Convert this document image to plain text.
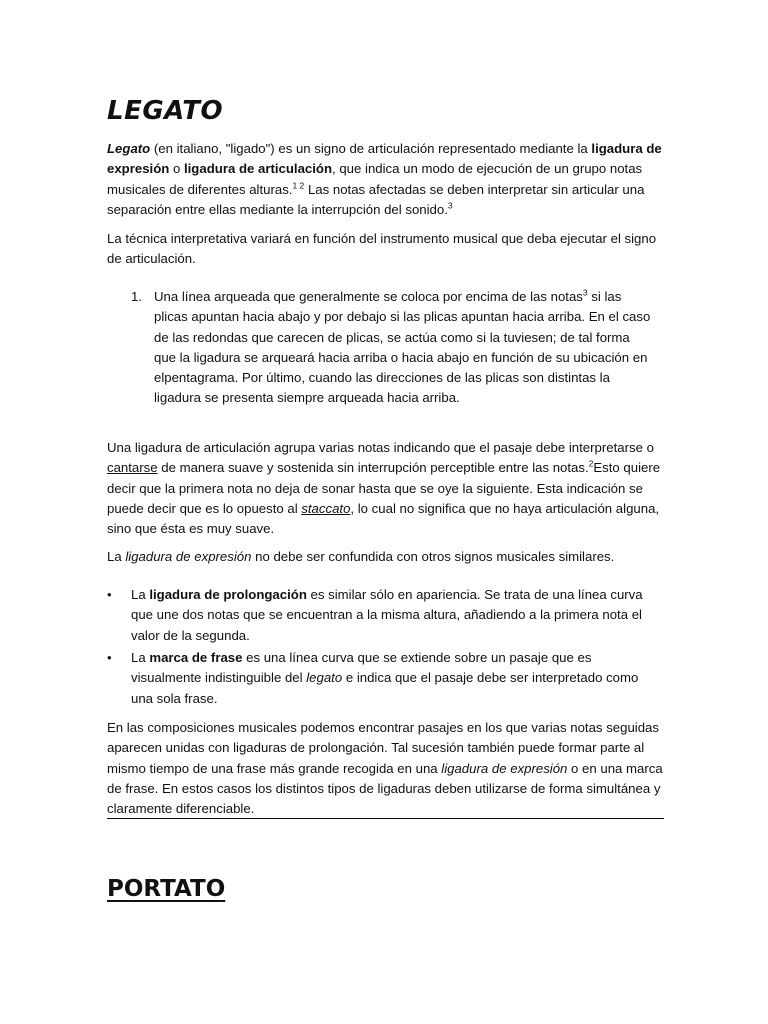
LEGATO

Legato (en italiano, "ligado") es un signo de articulación representado mediante la ligadura de expresión o ligadura de articulación, que indica un modo de ejecución de un grupo notas musicales de diferentes alturas.$^{1 2}$ Las notas afectadas se deben interpretar sin articular una separación entre ellas mediante la interrupción del sonido.$^3$

La técnica interpretativa variará en función del instrumento musical que deba ejecutar el signo de articulación.

1. Una línea arqueada que generalmente se coloca por encima de las notas$^3$ si las plicas apuntan hacia abajo y por debajo si las plicas apuntan hacia arriba. En el caso de las redondas que carecen de plicas, se actúa como si la tuviesen; de tal forma que la ligadura se arqueará hacia arriba o hacia abajo en función de su ubicación en elpentagrama. Por último, cuando las direcciones de las plicas son distintas la ligadura se presenta siempre arqueada hacia arriba.

Una ligadura de articulación agrupa varias notas indicando que el pasaje debe interpretarse o cantarse de manera suave y sostenida sin interrupción perceptible entre las notas.$^2$Esto quiere decir que la primera nota no deja de sonar hasta que se oye la siguiente. Esta indicación se puede decir que es lo opuesto al staccato, lo cual no significa que no haya articulación alguna, sino que ésta es muy suave.

La ligadura de expresión no debe ser confundida con otros signos musicales similares.

• La ligadura de prolongación es similar sólo en apariencia. Se trata de una línea curva que une dos notas que se encuentran a la misma altura, añadiendo a la primera nota el valor de la segunda.
• La marca de frase es una línea curva que se extiende sobre un pasaje que es visualmente indistinguible del legato e indica que el pasaje debe ser interpretado como una sola frase.

En las composiciones musicales podemos encontrar pasajes en los que varias notas seguidas aparecen unidas con ligaduras de prolongación. Tal sucesión también puede formar parte al mismo tiempo de una frase más grande recogida en una ligadura de expresión o en una marca de frase. En estos casos los distintos tipos de ligaduras deben utilizarse de forma simultánea y claramente diferenciable.

PORTATO
